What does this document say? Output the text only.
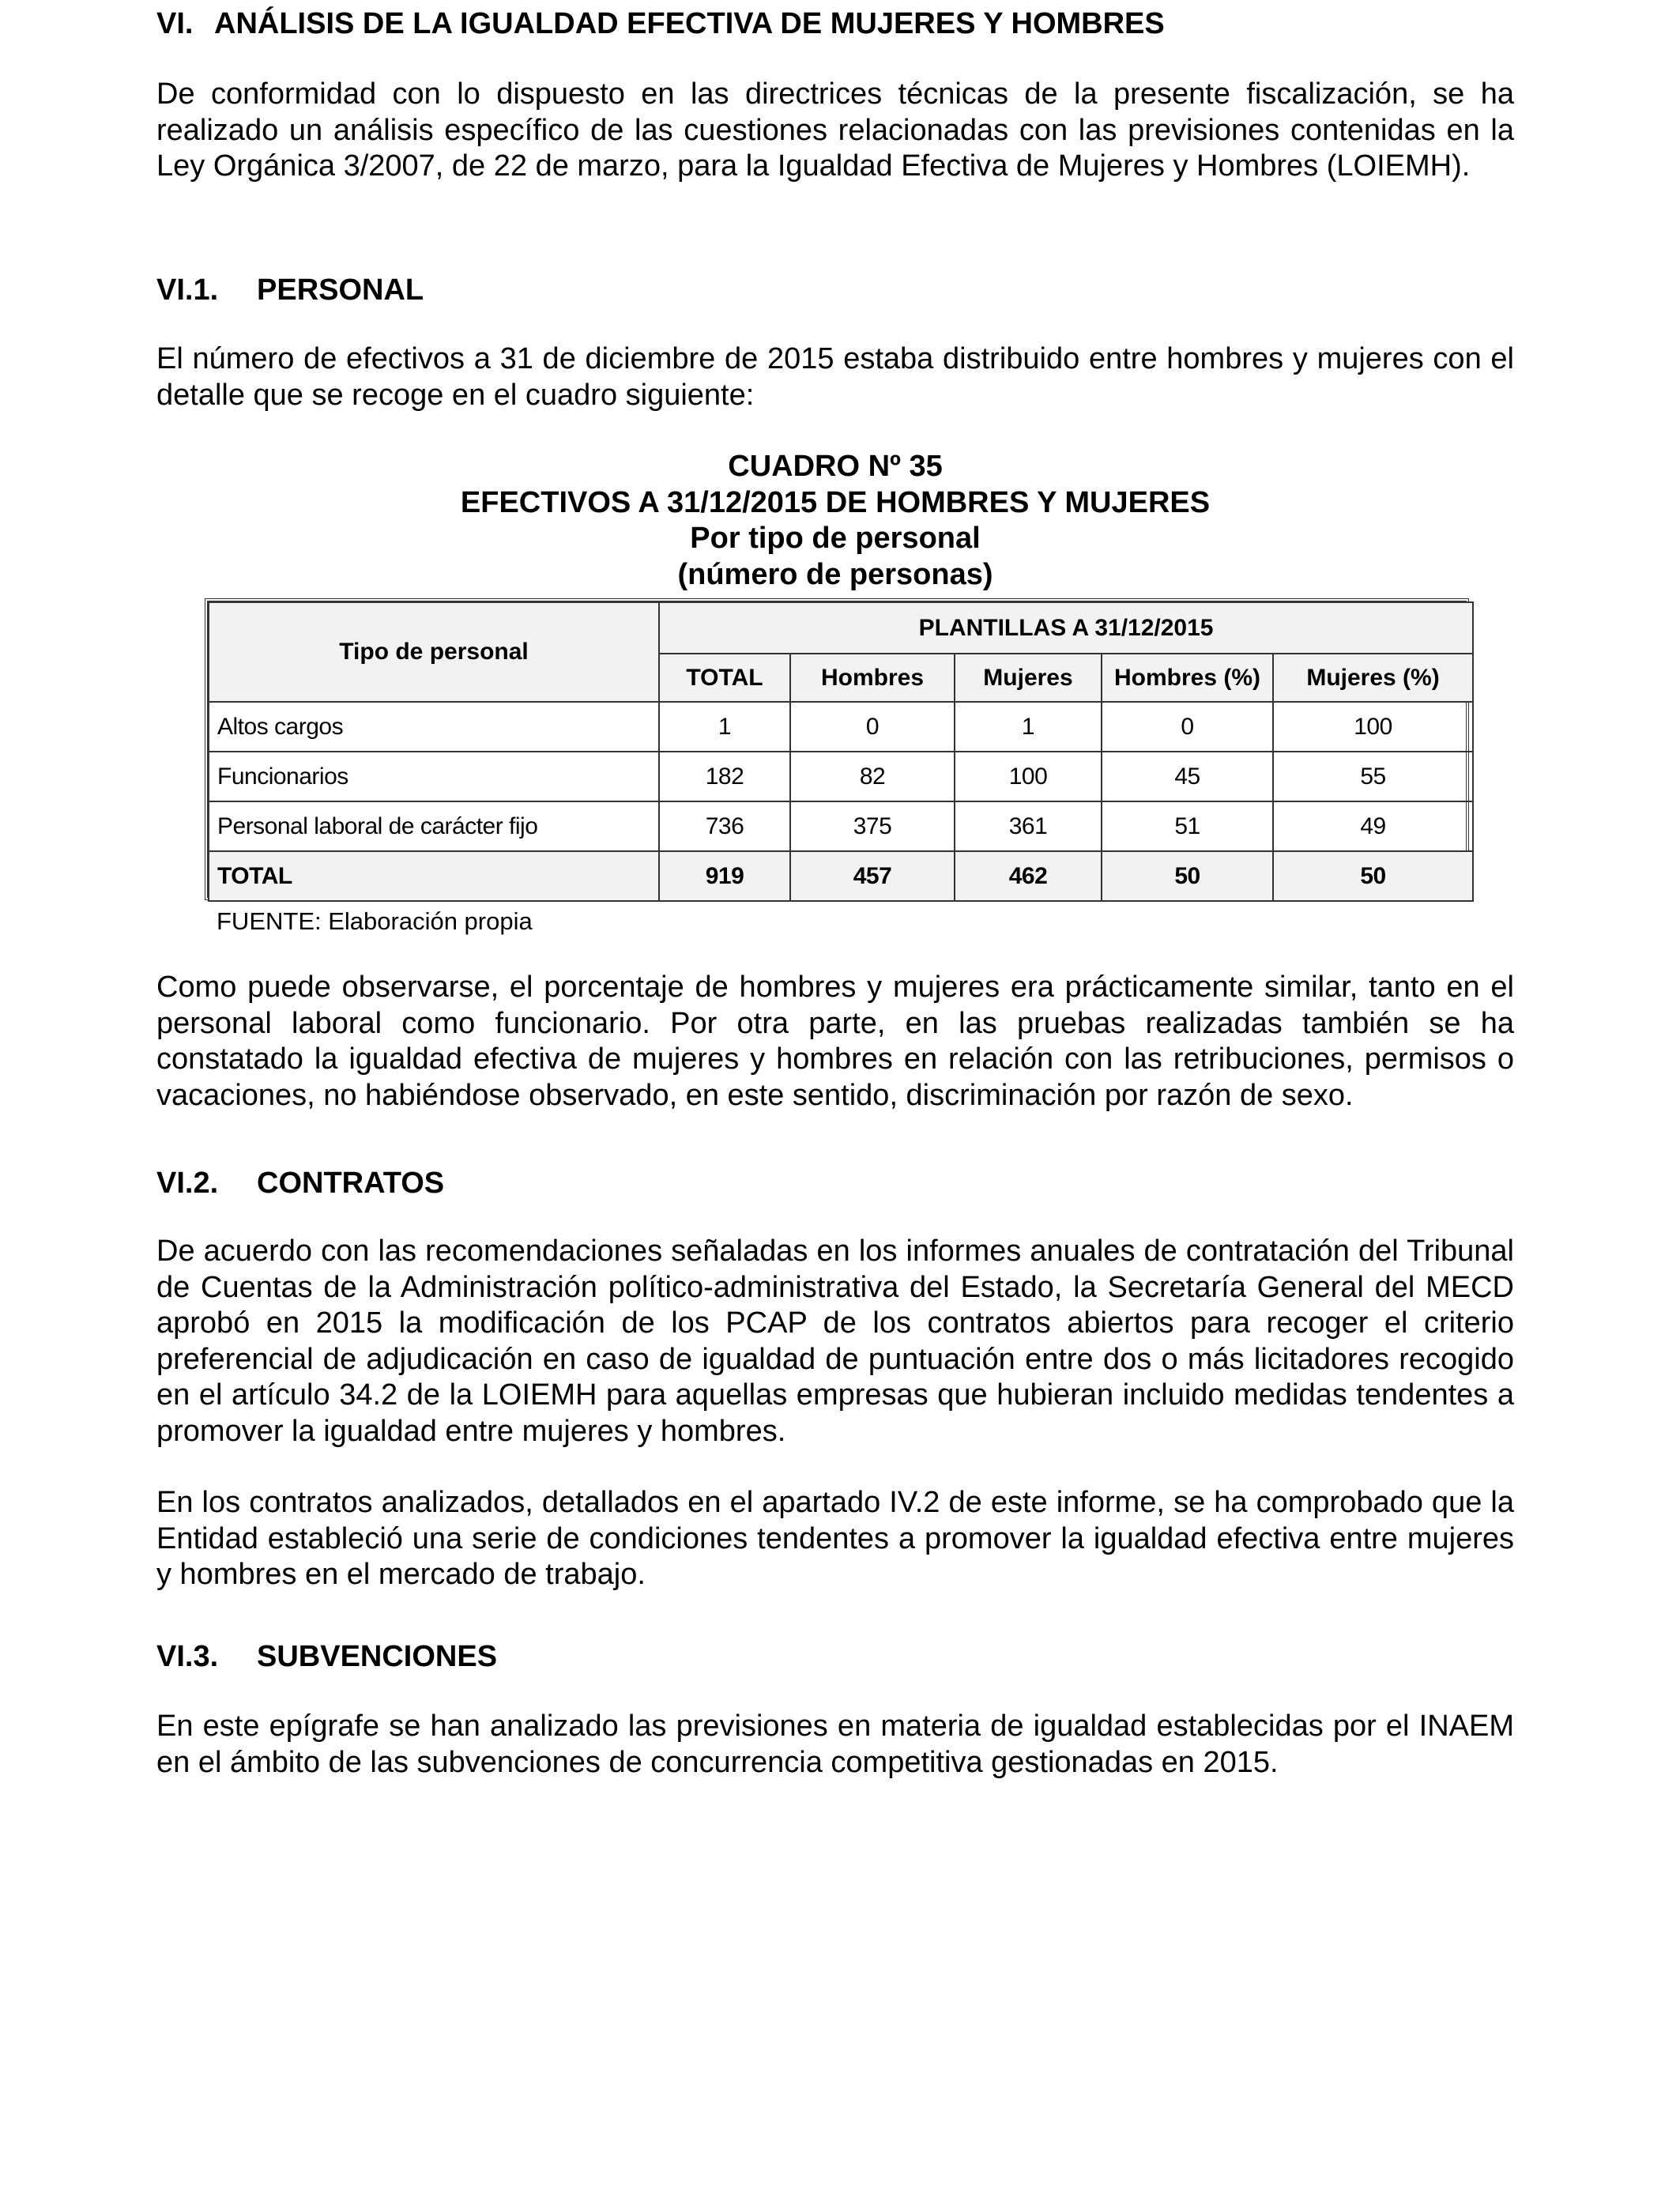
VI. ANÁLISIS DE LA IGUALDAD EFECTIVA DE MUJERES Y HOMBRES

De conformidad con lo dispuesto en las directrices técnicas de la presente fiscalización, se ha realizado un análisis específico de las cuestiones relacionadas con las previsiones contenidas en la Ley Orgánica 3/2007, de 22 de marzo, para la Igualdad Efectiva de Mujeres y Hombres (LOIEMH).

VI.1.	PERSONAL

El número de efectivos a 31 de diciembre de 2015 estaba distribuido entre hombres y mujeres con el detalle que se recoge en el cuadro siguiente:

CUADRO Nº 35
EFECTIVOS A 31/12/2015 DE HOMBRES Y MUJERES
Por tipo de personal
(número de personas)
Tipo de personal	PLANTILLAS A 31/12/2015				
	TOTAL	Hombres	Mujeres	Hombres (%)	Mujeres (%)
Altos cargos	1	0	1	0	100
Funcionarios	182	82	100	45	55
Personal laboral de carácter fijo	736	375	361	51	49
TOTAL	919	457	462	50	50
FUENTE: Elaboración propia

Como puede observarse, el porcentaje de hombres y mujeres era prácticamente similar, tanto en el personal laboral como funcionario. Por otra parte, en las pruebas realizadas también se ha constatado la igualdad efectiva de mujeres y hombres en relación con las retribuciones, permisos o vacaciones, no habiéndose observado, en este sentido, discriminación por razón de sexo.

VI.2.	CONTRATOS

De acuerdo con las recomendaciones señaladas en los informes anuales de contratación del Tribunal de Cuentas de la Administración político-administrativa del Estado, la Secretaría General del MECD aprobó en 2015 la modificación de los PCAP de los contratos abiertos para recoger el criterio preferencial de adjudicación en caso de igualdad de puntuación entre dos o más licitadores recogido en el artículo 34.2 de la LOIEMH para aquellas empresas que hubieran incluido medidas tendentes a promover la igualdad entre mujeres y hombres.

En los contratos analizados, detallados en el apartado IV.2 de este informe, se ha comprobado que la Entidad estableció una serie de condiciones tendentes a promover la igualdad efectiva entre mujeres y hombres en el mercado de trabajo.

VI.3.	SUBVENCIONES

En este epígrafe se han analizado las previsiones en materia de igualdad establecidas por el INAEM en el ámbito de las subvenciones de concurrencia competitiva gestionadas en 2015.
